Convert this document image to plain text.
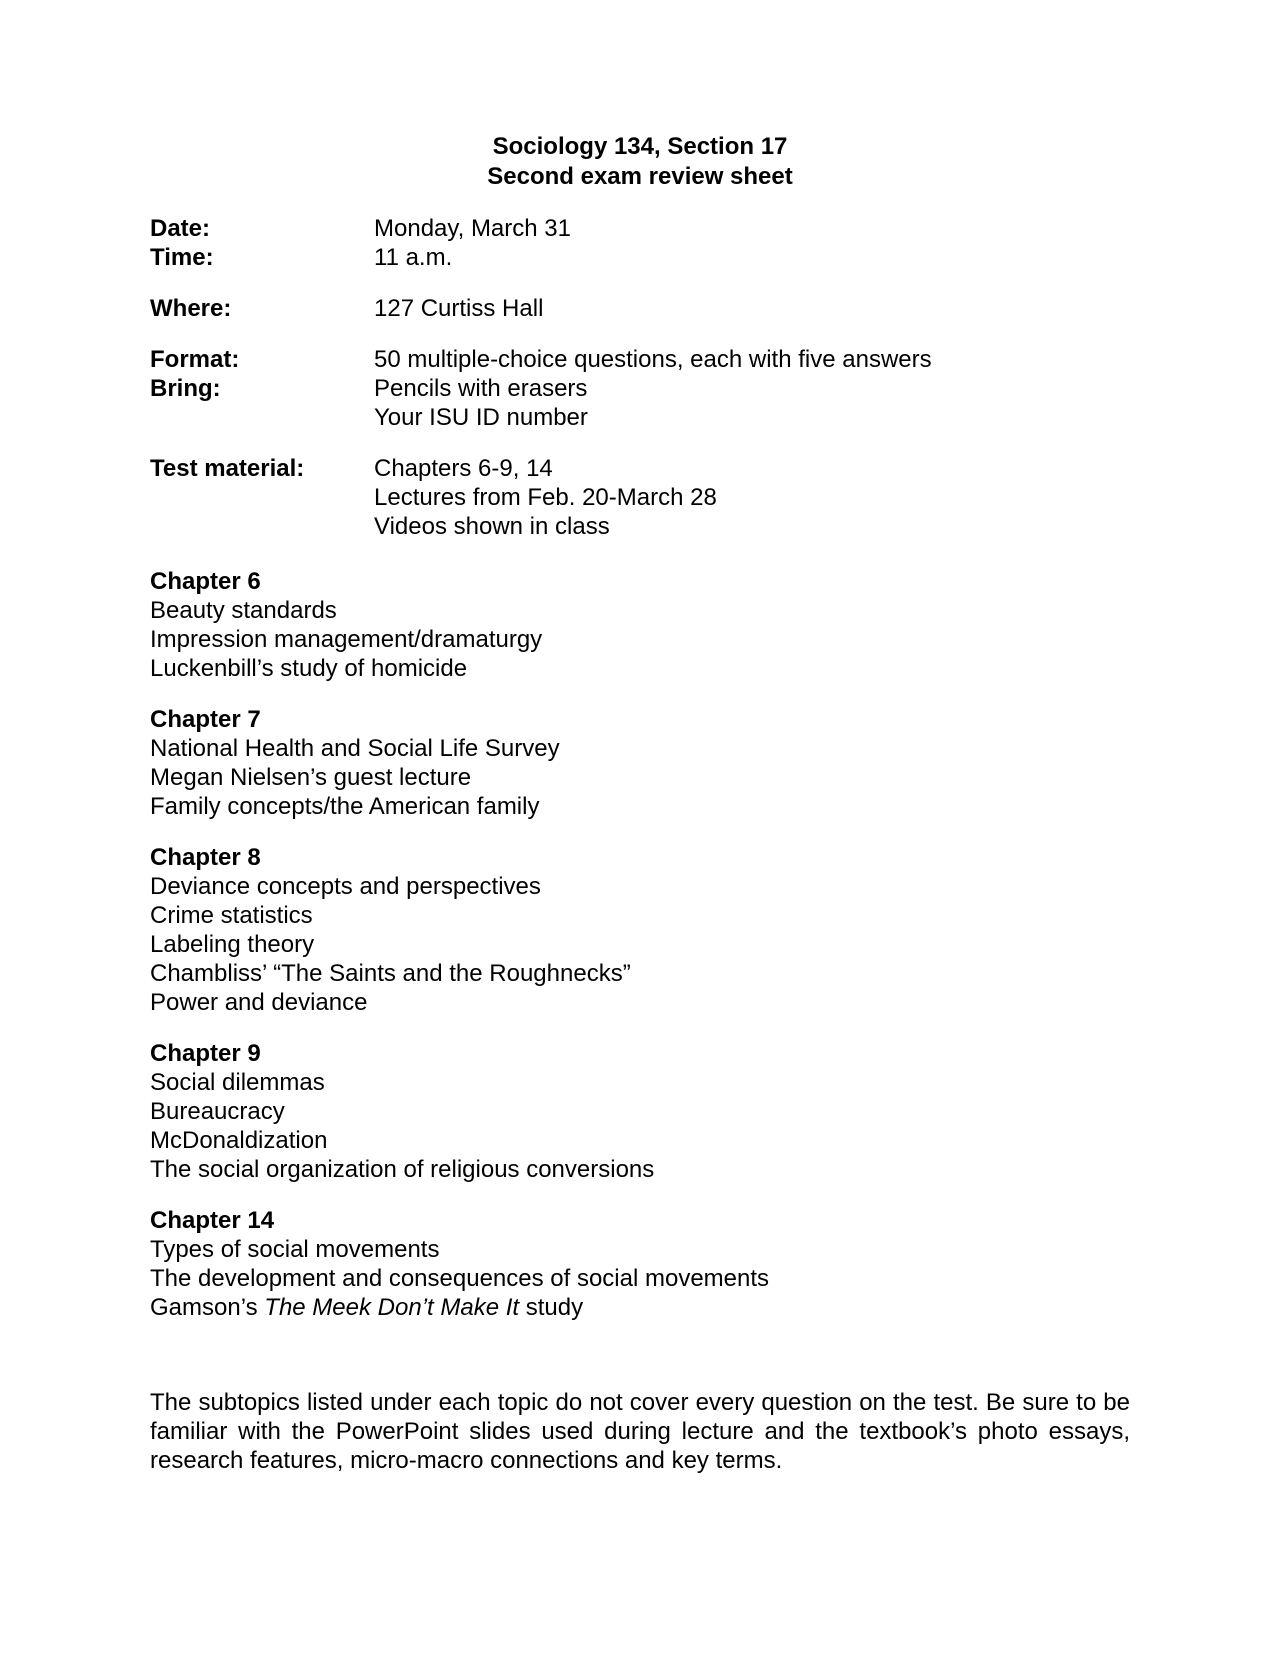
Sociology 134, Section 17
Second exam review sheet
Date:	Monday, March 31
Time:	11 a.m.
Where:	127 Curtiss Hall
Format:	50 multiple-choice questions, each with five answers
Bring:	Pencils with erasers
Your ISU ID number
Test material:	Chapters 6-9, 14
Lectures from Feb. 20-March 28
Videos shown in class
Chapter 6
Beauty standards
Impression management/dramaturgy
Luckenbill’s study of homicide
Chapter 7
National Health and Social Life Survey
Megan Nielsen’s guest lecture
Family concepts/the American family
Chapter 8
Deviance concepts and perspectives
Crime statistics
Labeling theory
Chambliss’ “The Saints and the Roughnecks”
Power and deviance
Chapter 9
Social dilemmas
Bureaucracy
McDonaldization
The social organization of religious conversions
Chapter 14
Types of social movements
The development and consequences of social movements
Gamson’s The Meek Don’t Make It study
The subtopics listed under each topic do not cover every question on the test. Be sure to be familiar with the PowerPoint slides used during lecture and the textbook’s photo essays, research features, micro-macro connections and key terms.
